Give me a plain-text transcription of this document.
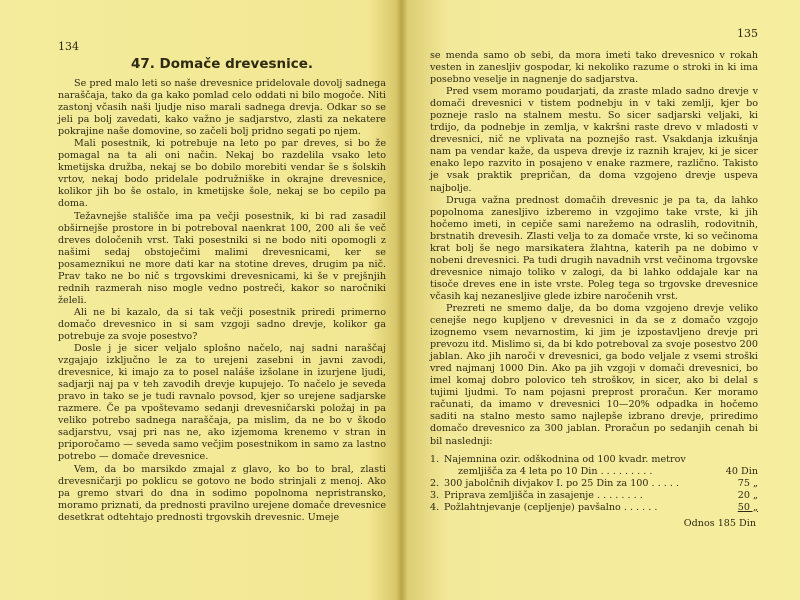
134
47. Domače drevesnice.

Se pred malo leti so naše drevesnice pridelovale dovolj sadnega naraščaja, tako da ga kako pomlad celo oddati ni bilo mogoče. Niti zastonj včasih naši ljudje niso marali sadnega drevja. Odkar so se jeli pa bolj zavedati, kako važno je sadjarstvo, zlasti za nekatere pokrajine naše domovine, so začeli bolj pridno segati po njem.

Mali posestnik, ki potrebuje na leto po par dreves, si bo že pomagal na ta ali oni način. Nekaj bo razdelila vsako leto kmetijska družba, nekaj se bo dobilo morebiti vendar še s šolskih vrtov, nekaj bodo pridelale podružniške in okrajne drevesnice, kolikor jih bo še ostalo, in kmetijske šole, nekaj se bo cepilo pa doma.

Težavnejše stališče ima pa večji posestnik, ki bi rad zasadil obširnejše prostore in bi potreboval naenkrat 100, 200 ali še več dreves določenih vrst. Taki posestniki si ne bodo niti opomogli z našimi sedaj obstoječimi malimi drevesnicami, ker se posameznikui ne more dati kar na stotine dreves, drugim pa nič. Prav tako ne bo nič s trgovskimi drevesnicami, ki še v prejšnjih rednih razmerah niso mogle vedno postreči, kakor so naročniki želeli.

Ali ne bi kazalo, da si tak večji posestnik priredi primerno domačo drevesnico in si sam vzgoji sadno drevje, kolikor ga potrebuje za svoje posestvo?

Dosle j je sicer veljalo splošno načelo, naj sadni naraščaj vzgajajo izključno le za to urejeni zasebni in javni zavodi, drevesnice, ki imajo za to posel naláše izšolane in izurjene ljudi, sadjarji naj pa v teh zavodih drevje kupujejo. To načelo je seveda pravo in tako se je tudi ravnalo povsod, kjer so urejene sadjarske razmere. Če pa vpoštevamo sedanji drevesničarski položaj in pa veliko potrebo sadnega naraščaja, pa mislim, da ne bo v škodo sadjarstvu, vsaj pri nas ne, ako izjemoma krenemo v stran in priporočamo — seveda samo večjim posestnikom in samo za lastno potrebo — domače drevesnice.

Vem, da bo marsikdo zmajal z glavo, ko bo to bral, zlasti drevesničarji po poklicu se gotovo ne bodo strinjali z menoj. Ako pa gremo stvari do dna in sodimo popolnoma nepristransko, moramo priznati, da prednosti pravilno urejene domače drevesnice desetkrat odtehtajo prednosti trgovskih drevesnic. Umeje

135

se menda samo ob sebi, da mora imeti tako drevesnico v rokah vesten in zanesljiv gospodar, ki nekoliko razume o stroki in ki ima posebno veselje in nagnenje do sadjarstva.

Pred vsem moramo poudarjati, da zraste mlado sadno drevje v domači drevesnici v tistem podnebju in v taki zemlji, kjer bo pozneje raslo na stalnem mestu. So sicer sadjarski veljaki, ki trdijo, da podnebje in zemlja, v kakršni raste drevo v mladosti v drevesnici, nič ne vplivata na poznejšo rast. Vsakdanja izkušnja nam pa vendar kaže, da uspeva drevje iz raznih krajev, ki je sicer enako lepo razvito in posajeno v enake razmere, različno. Takisto je vsak praktik prepričan, da doma vzgojeno drevje uspeva najbolje.

Druga važna prednost domačih drevesnic je pa ta, da lahko popolnoma zanesljivo izberemo in vzgojimo take vrste, ki jih hočemo imeti, in cepiče sami narežemo na odraslih, rodovitnih, brstnatih drevesih. Zlasti velja to za domače vrste, ki so večinoma krat bolj še nego marsikatera žlahtna, katerih pa ne dobimo v nobeni drevesnici. Pa tudi drugih navadnih vrst večinoma trgovske drevesnice nimajo toliko v zalogi, da bi lahko oddajale kar na tisoče dreves ene in iste vrste. Poleg tega so trgovske drevesnice včasih kaj nezanesljive glede izbire naročenih vrst.

Prezreti ne smemo dalje, da bo doma vzgojeno drevje veliko cenejše nego kupljeno v drevesnici in da se z domačo vzgojo izognemo vsem nevarnostim, ki jim je izpostavljeno drevje pri prevozu itd. Mislimo si, da bi kdo potreboval za svoje posestvo 200 jablan. Ako jih naroči v drevesnici, ga bodo veljale z vsemi stroški vred najmanj 1000 Din. Ako pa jih vzgoji v domači drevesnici, bo imel komaj dobro polovico teh stroškov, in sicer, ako bi delal s tujimi ljudmi. To nam pojasni preprost proračun. Ker moramo računati, da imamo v drevesnici 10—20% odpadka in hočemo saditi na stalno mesto samo najlepše izbrano drevje, priredimo domačo drevesnico za 300 jablan. Proračun po sedanjih cenah bi bil naslednji:

1. Najemnina ozir. odškodnina od 100 kvadr. metrov
zemljišča za 4 leta po 10 Din . . . . . . . . .	40 Din
2. 300 jabolčnih divjakov I. po 25 Din za 100 . . . . .	75 „
3. Priprava zemljišča in zasajenje . . . . . . . .	20 „
4. Požlahtnjevanje (cepljenje) pavšalno . . . . . .	50 „
Odnos 185 Din
